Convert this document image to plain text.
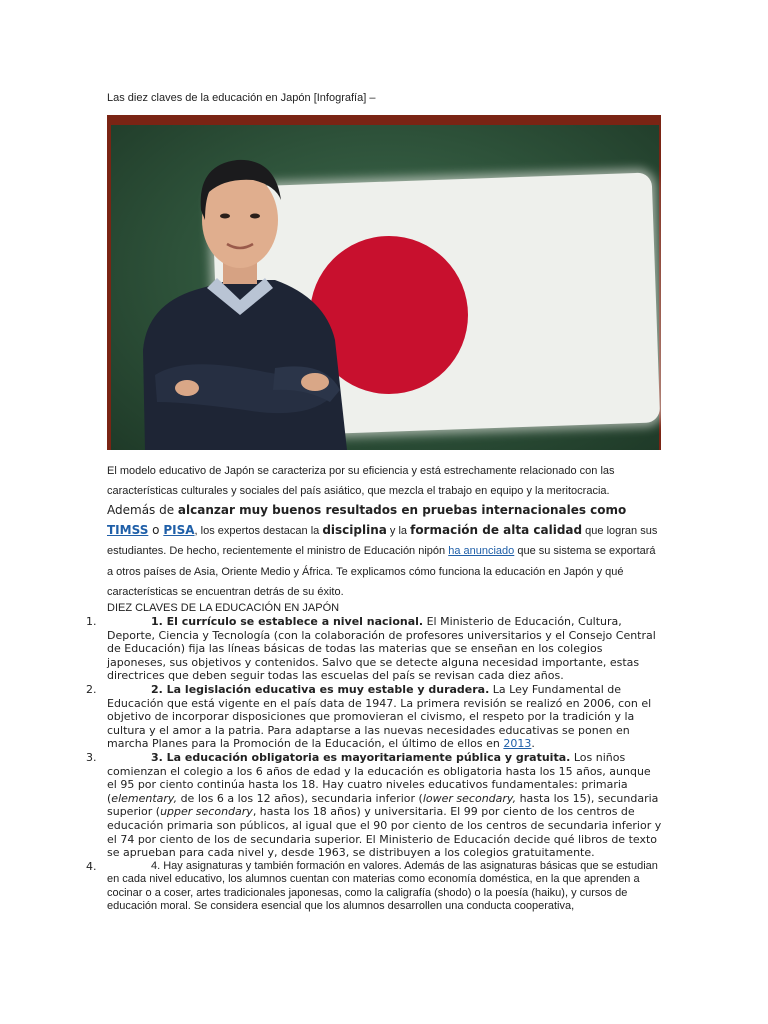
Las diez claves de la educación en Japón [Infografía] –

El modelo educativo de Japón se caracteriza por su eficiencia y está estrechamente relacionado con las características culturales y sociales del país asiático, que mezcla el trabajo en equipo y la meritocracia.

Además de alcanzar muy buenos resultados en pruebas internacionales como TIMSS o PISA, los expertos destacan la disciplina y la formación de alta calidad que logran sus estudiantes. De hecho, recientemente el ministro de Educación nipón ha anunciado que su sistema se exportará a otros países de Asia, Oriente Medio y África. Te explicamos cómo funciona la educación en Japón y qué características se encuentran detrás de su éxito.

DIEZ CLAVES DE LA EDUCACIÓN EN JAPÓN
1.	1. El currículo se establece a nivel nacional. El Ministerio de Educación, Cultura, Deporte, Ciencia y Tecnología (con la colaboración de profesores universitarios y el Consejo Central de Educación) fija las líneas básicas de todas las materias que se enseñan en los colegios japoneses, sus objetivos y contenidos. Salvo que se detecte alguna necesidad importante, estas directrices que deben seguir todas las escuelas del país se revisan cada diez años.

2.	2. La legislación educativa es muy estable y duradera. La Ley Fundamental de Educación que está vigente en el país data de 1947. La primera revisión se realizó en 2006, con el objetivo de incorporar disposiciones que promovieran el civismo, el respeto por la tradición y la cultura y el amor a la patria. Para adaptarse a las nuevas necesidades educativas se ponen en marcha Planes para la Promoción de la Educación, el último de ellos en 2013.

3.	3. La educación obligatoria es mayoritariamente pública y gratuita. Los niños comienzan el colegio a los 6 años de edad y la educación es obligatoria hasta los 15 años, aunque el 95 por ciento continúa hasta los 18. Hay cuatro niveles educativos fundamentales: primaria (elementary, de los 6 a los 12 años), secundaria inferior (lower secondary, hasta los 15), secundaria superior (upper secondary, hasta los 18 años) y universitaria. El 99 por ciento de los centros de educación primaria son públicos, al igual que el 90 por ciento de los centros de secundaria inferior y el 74 por ciento de los de secundaria superior. El Ministerio de Educación decide qué libros de texto se aprueban para cada nivel y, desde 1963, se distribuyen a los colegios gratuitamente.

4.	4. Hay asignaturas y también formación en valores. Además de las asignaturas básicas que se estudian en cada nivel educativo, los alumnos cuentan con materias como economía doméstica, en la que aprenden a cocinar o a coser, artes tradicionales japonesas, como la caligrafía (shodo) o la poesía (haiku), y cursos de educación moral. Se considera esencial que los alumnos desarrollen una conducta cooperativa,
